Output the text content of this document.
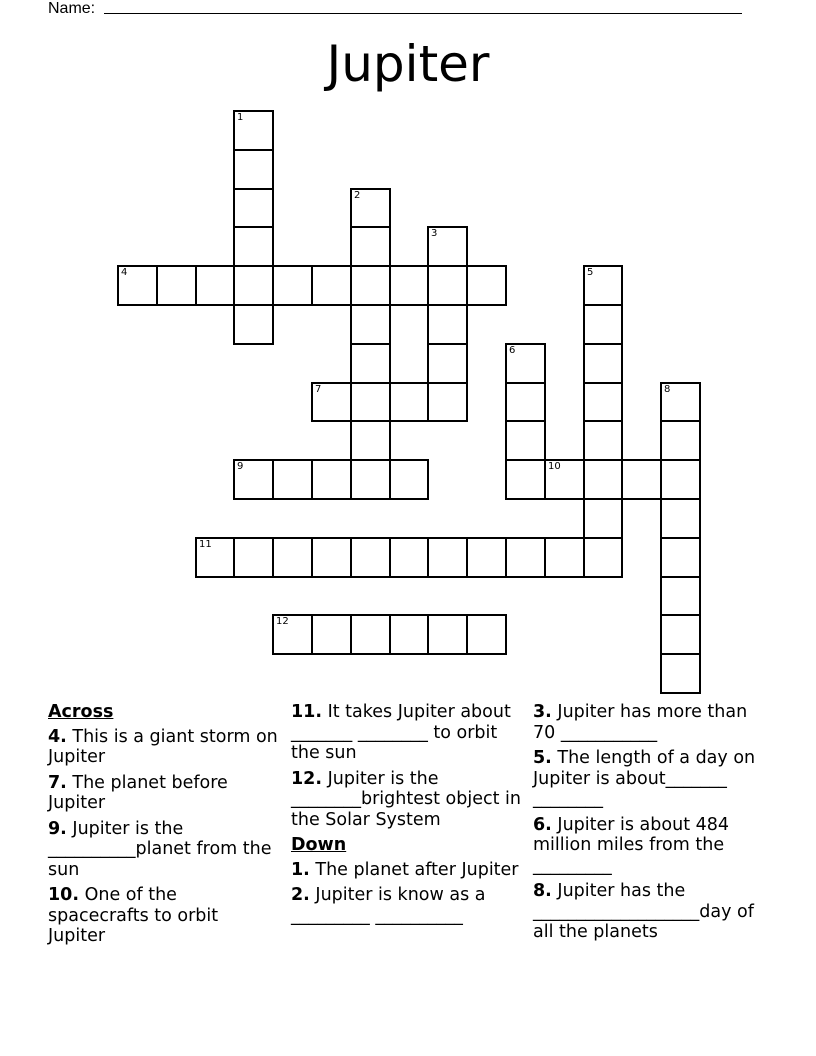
Name:
Jupiter
1
2
3
4	5
6
7	8
9	10
11
12
Across
4. This is a giant storm on Jupiter
7. The planet before Jupiter
9. Jupiter is the __________planet from the sun
10. One of the spacecrafts to orbit Jupiter
11. It takes Jupiter about _______ ________ to orbit the sun
12. Jupiter is the ________brightest object in the Solar System
Down
1. The planet after Jupiter
2. Jupiter is know as a _________ __________
3. Jupiter has more than 70 ___________
5. The length of a day on Jupiter is about_______ ________
6. Jupiter is about 484 million miles from the _________
8. Jupiter has the ___________________day of all the planets
